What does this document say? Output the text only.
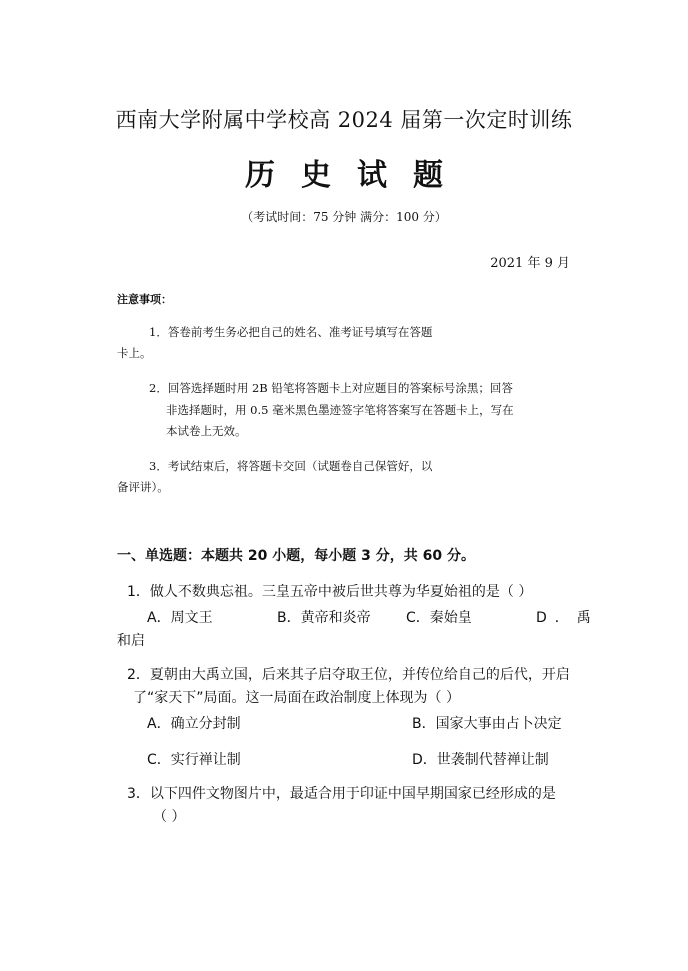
西南大学附属中学校高 2024 届第一次定时训练
历史试题
（考试时间：75 分钟 满分：100 分）
2021 年 9 月
注意事项：
1．答卷前考生务必把自己的姓名、准考证号填写在答题
卡上。
2．回答选择题时用 2B 铅笔将答题卡上对应题目的答案标号涂黑；回答
非选择题时，用 0.5 毫米黑色墨迹签字笔将答案写在答题卡上，写在
本试卷上无效。
3．考试结束后，将答题卡交回（试题卷自己保管好，以
备评讲）。
一、单选题：本题共 20 小题，每小题 3 分，共 60 分。
1．做人不数典忘祖。三皇五帝中被后世共尊为华夏始祖的是（ ）
A．周文王	B．黄帝和炎帝	C．秦始皇	D．禹
和启
2．夏朝由大禹立国，后来其子启夺取王位，并传位给自己的后代，开启
了“家天下”局面。这一局面在政治制度上体现为（ ）
A．确立分封制	B．国家大事由占卜决定
C．实行禅让制	D．世袭制代替禅让制
3．以下四件文物图片中，最适合用于印证中国早期国家已经形成的是
（ ）
